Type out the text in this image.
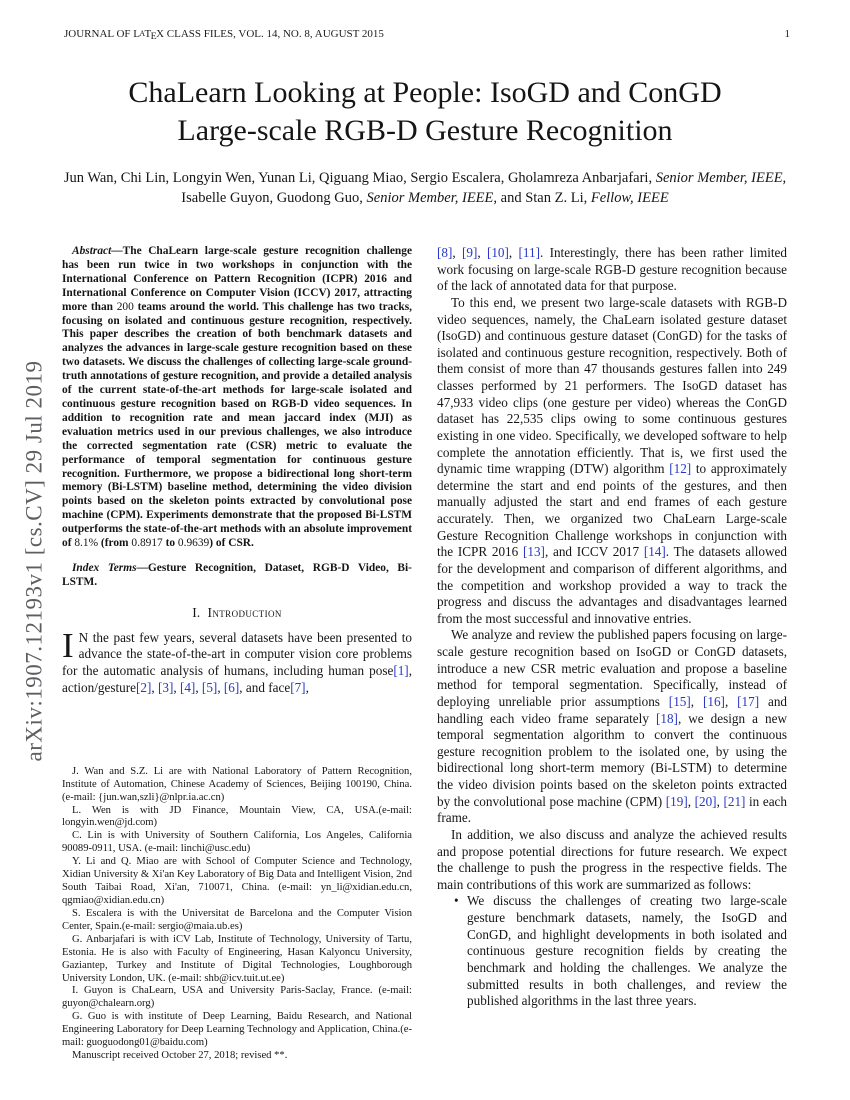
JOURNAL OF LATEX CLASS FILES, VOL. 14, NO. 8, AUGUST 2015	1
arXiv:1907.12193v1 [cs.CV] 29 Jul 2019
ChaLearn Looking at People: IsoGD and ConGD Large-scale RGB-D Gesture Recognition
Jun Wan, Chi Lin, Longyin Wen, Yunan Li, Qiguang Miao, Sergio Escalera, Gholamreza Anbarjafari, Senior Member, IEEE, Isabelle Guyon, Guodong Guo, Senior Member, IEEE, and Stan Z. Li, Fellow, IEEE

Abstract—The ChaLearn large-scale gesture recognition challenge has been run twice in two workshops in conjunction with the International Conference on Pattern Recognition (ICPR) 2016 and International Conference on Computer Vision (ICCV) 2017, attracting more than 200 teams around the world. This challenge has two tracks, focusing on isolated and continuous gesture recognition, respectively. This paper describes the creation of both benchmark datasets and analyzes the advances in large-scale gesture recognition based on these two datasets. We discuss the challenges of collecting large-scale ground-truth annotations of gesture recognition, and provide a detailed analysis of the current state-of-the-art methods for large-scale isolated and continuous gesture recognition based on RGB-D video sequences. In addition to recognition rate and mean jaccard index (MJI) as evaluation metrics used in our previous challenges, we also introduce the corrected segmentation rate (CSR) metric to evaluate the performance of temporal segmentation for continuous gesture recognition. Furthermore, we propose a bidirectional long short-term memory (Bi-LSTM) baseline method, determining the video division points based on the skeleton points extracted by convolutional pose machine (CPM). Experiments demonstrate that the proposed Bi-LSTM outperforms the state-of-the-art methods with an absolute improvement of 8.1% (from 0.8917 to 0.9639) of CSR.

Index Terms—Gesture Recognition, Dataset, RGB-D Video, Bi-LSTM.

I. Introduction

I N the past few years, several datasets have been presented to advance the state-of-the-art in computer vision core problems for the automatic analysis of humans, including human pose[1], action/gesture[2], [3], [4], [5], [6], and face[7],

J. Wan and S.Z. Li are with National Laboratory of Pattern Recognition, Institute of Automation, Chinese Academy of Sciences, Beijing 100190, China. (e-mail: {jun.wan,szli}@nlpr.ia.ac.cn)

L. Wen is with JD Finance, Mountain View, CA, USA.(e-mail: longyin.wen@jd.com)

C. Lin is with University of Southern California, Los Angeles, California 90089-0911, USA. (e-mail: linchi@usc.edu)

Y. Li and Q. Miao are with School of Computer Science and Technology, Xidian University & Xi'an Key Laboratory of Big Data and Intelligent Vision, 2nd South Taibai Road, Xi'an, 710071, China. (e-mail: yn_li@xidian.edu.cn, qgmiao@xidian.edu.cn)

S. Escalera is with the Universitat de Barcelona and the Computer Vision Center, Spain.(e-mail: sergio@maia.ub.es)

G. Anbarjafari is with iCV Lab, Institute of Technology, University of Tartu, Estonia. He is also with Faculty of Engineering, Hasan Kalyoncu University, Gaziantep, Turkey and Institute of Digital Technologies, Loughborough University London, UK. (e-mail: shb@icv.tuit.ut.ee)

I. Guyon is ChaLearn, USA and University Paris-Saclay, France. (e-mail: guyon@chalearn.org)

G. Guo is with institute of Deep Learning, Baidu Research, and National Engineering Laboratory for Deep Learning Technology and Application, China.(e-mail: guoguodong01@baidu.com)

Manuscript received October 27, 2018; revised **.

[8], [9], [10], [11]. Interestingly, there has been rather limited work focusing on large-scale RGB-D gesture recognition because of the lack of annotated data for that purpose.

To this end, we present two large-scale datasets with RGB-D video sequences, namely, the ChaLearn isolated gesture dataset (IsoGD) and continuous gesture dataset (ConGD) for the tasks of isolated and continuous gesture recognition, respectively. Both of them consist of more than 47 thousands gestures fallen into 249 classes performed by 21 performers. The IsoGD dataset has 47,933 video clips (one gesture per video) whereas the ConGD dataset has 22,535 clips owing to some continuous gestures existing in one video. Specifically, we developed software to help complete the annotation efficiently. That is, we first used the dynamic time wrapping (DTW) algorithm [12] to approximately determine the start and end points of the gestures, and then manually adjusted the start and end frames of each gesture accurately. Then, we organized two ChaLearn Large-scale Gesture Recognition Challenge workshops in conjunction with the ICPR 2016 [13], and ICCV 2017 [14]. The datasets allowed for the development and comparison of different algorithms, and the competition and workshop provided a way to track the progress and discuss the advantages and disadvantages learned from the most successful and innovative entries.

We analyze and review the published papers focusing on large-scale gesture recognition based on IsoGD or ConGD datasets, introduce a new CSR metric evaluation and propose a baseline method for temporal segmentation. Specifically, instead of deploying unreliable prior assumptions [15], [16], [17] and handling each video frame separately [18], we design a new temporal segmentation algorithm to convert the continuous gesture recognition problem to the isolated one, by using the bidirectional long short-term memory (Bi-LSTM) to determine the video division points based on the skeleton points extracted by the convolutional pose machine (CPM) [19], [20], [21] in each frame.

In addition, we also discuss and analyze the achieved results and propose potential directions for future research. We expect the challenge to push the progress in the respective fields. The main contributions of this work are summarized as follows:

• We discuss the challenges of creating two large-scale gesture benchmark datasets, namely, the IsoGD and ConGD, and highlight developments in both isolated and continuous gesture recognition fields by creating the benchmark and holding the challenges. We analyze the submitted results in both challenges, and review the published algorithms in the last three years.
